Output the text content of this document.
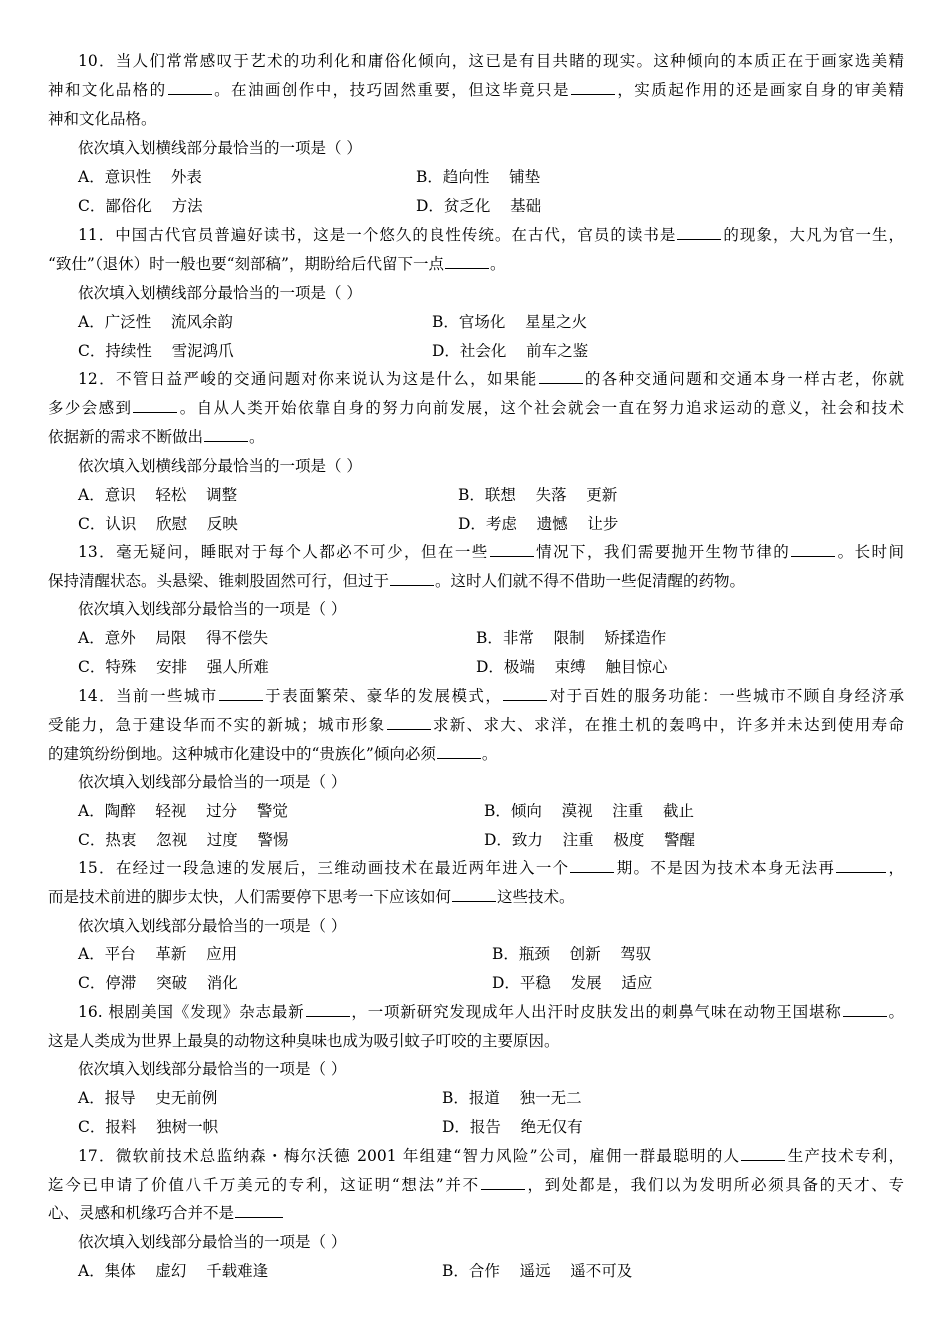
10．当人们常常感叹于艺术的功利化和庸俗化倾向，这已是有目共睹的现实。这种倾向的本质正在于画家选美精
神和文化品格的	。在油画创作中，技巧固然重要，但这毕竟只是	，实质起作用的还是画家自身的审美精
神和文化品格。
依次填入划横线部分最恰当的一项是（ ）
A．意识性    外表	B．趋向性    铺垫
C．鄙俗化    方法	D．贫乏化    基础
11．中国古代官员普遍好读书，这是一个悠久的良性传统。在古代，官员的读书是	的现象，大凡为官一生，
“致仕”（退休）时一般也要“刻部稿”，期盼给后代留下一点	。
依次填入划横线部分最恰当的一项是（ ）
A．广泛性    流风余韵	B．官场化    星星之火
C．持续性    雪泥鸿爪	D．社会化    前车之鉴
12．不管日益严峻的交通问题对你来说认为这是什么，如果能	的各种交通问题和交通本身一样古老，你就
多少会感到	。自从人类开始依靠自身的努力向前发展，这个社会就会一直在努力追求运动的意义，社会和技术
依据新的需求不断做出	。
依次填入划横线部分最恰当的一项是（ ）
A．意识    轻松    调整	B．联想    失落    更新
C．认识    欣慰    反映	D．考虑    遗憾    让步
13．毫无疑问，睡眠对于每个人都必不可少，但在一些	情况下，我们需要抛开生物节律的	。长时间
保持清醒状态。头悬梁、锥刺股固然可行，但过于	。这时人们就不得不借助一些促清醒的药物。
依次填入划线部分最恰当的一项是（ ）
A．意外    局限    得不偿失	B．非常    限制    矫揉造作
C．特殊    安排    强人所难	D．极端    束缚    触目惊心
14．当前一些城市	于表面繁荣、豪华的发展模式，	对于百姓的服务功能：一些城市不顾自身经济承
受能力，急于建设华而不实的新城；城市形象	求新、求大、求洋，在推土机的轰鸣中，许多并未达到使用寿命
的建筑纷纷倒地。这种城市化建设中的“贵族化”倾向必须	。
依次填入划线部分最恰当的一项是（ ）
A．陶醉    轻视    过分    警觉	B．倾向    漠视    注重    截止
C．热衷    忽视    过度    警惕	D．致力    注重    极度    警醒
15．在经过一段急速的发展后，三维动画技术在最近两年进入一个	期。不是因为技术本身无法再	，
而是技术前进的脚步太快，人们需要停下思考一下应该如何	这些技术。
依次填入划线部分最恰当的一项是（ ）
A．平台    革新    应用	B．瓶颈    创新    驾驭
C．停滞    突破    消化	D．平稳    发展    适应
16. 根剧美国《发现》杂志最新	，一项新研究发现成年人出汗时皮肤发出的刺鼻气味在动物王国堪称	。
这是人类成为世界上最臭的动物这种臭味也成为吸引蚊子叮咬的主要原因。
依次填入划线部分最恰当的一项是（ ）
A．报导    史无前例	B．报道    独一无二
C．报料    独树一帜	D．报告    绝无仅有
17．微软前技术总监纳森・梅尔沃德 2001 年组建“智力风险”公司，雇佣一群最聪明的人	生产技术专利，
迄今已申请了价值八千万美元的专利，这证明“想法”并不	，到处都是，我们以为发明所必须具备的天才、专
心、灵感和机缘巧合并不是
依次填入划线部分最恰当的一项是（ ）
A．集体    虚幻    千载难逢	B．合作    遥远    遥不可及
